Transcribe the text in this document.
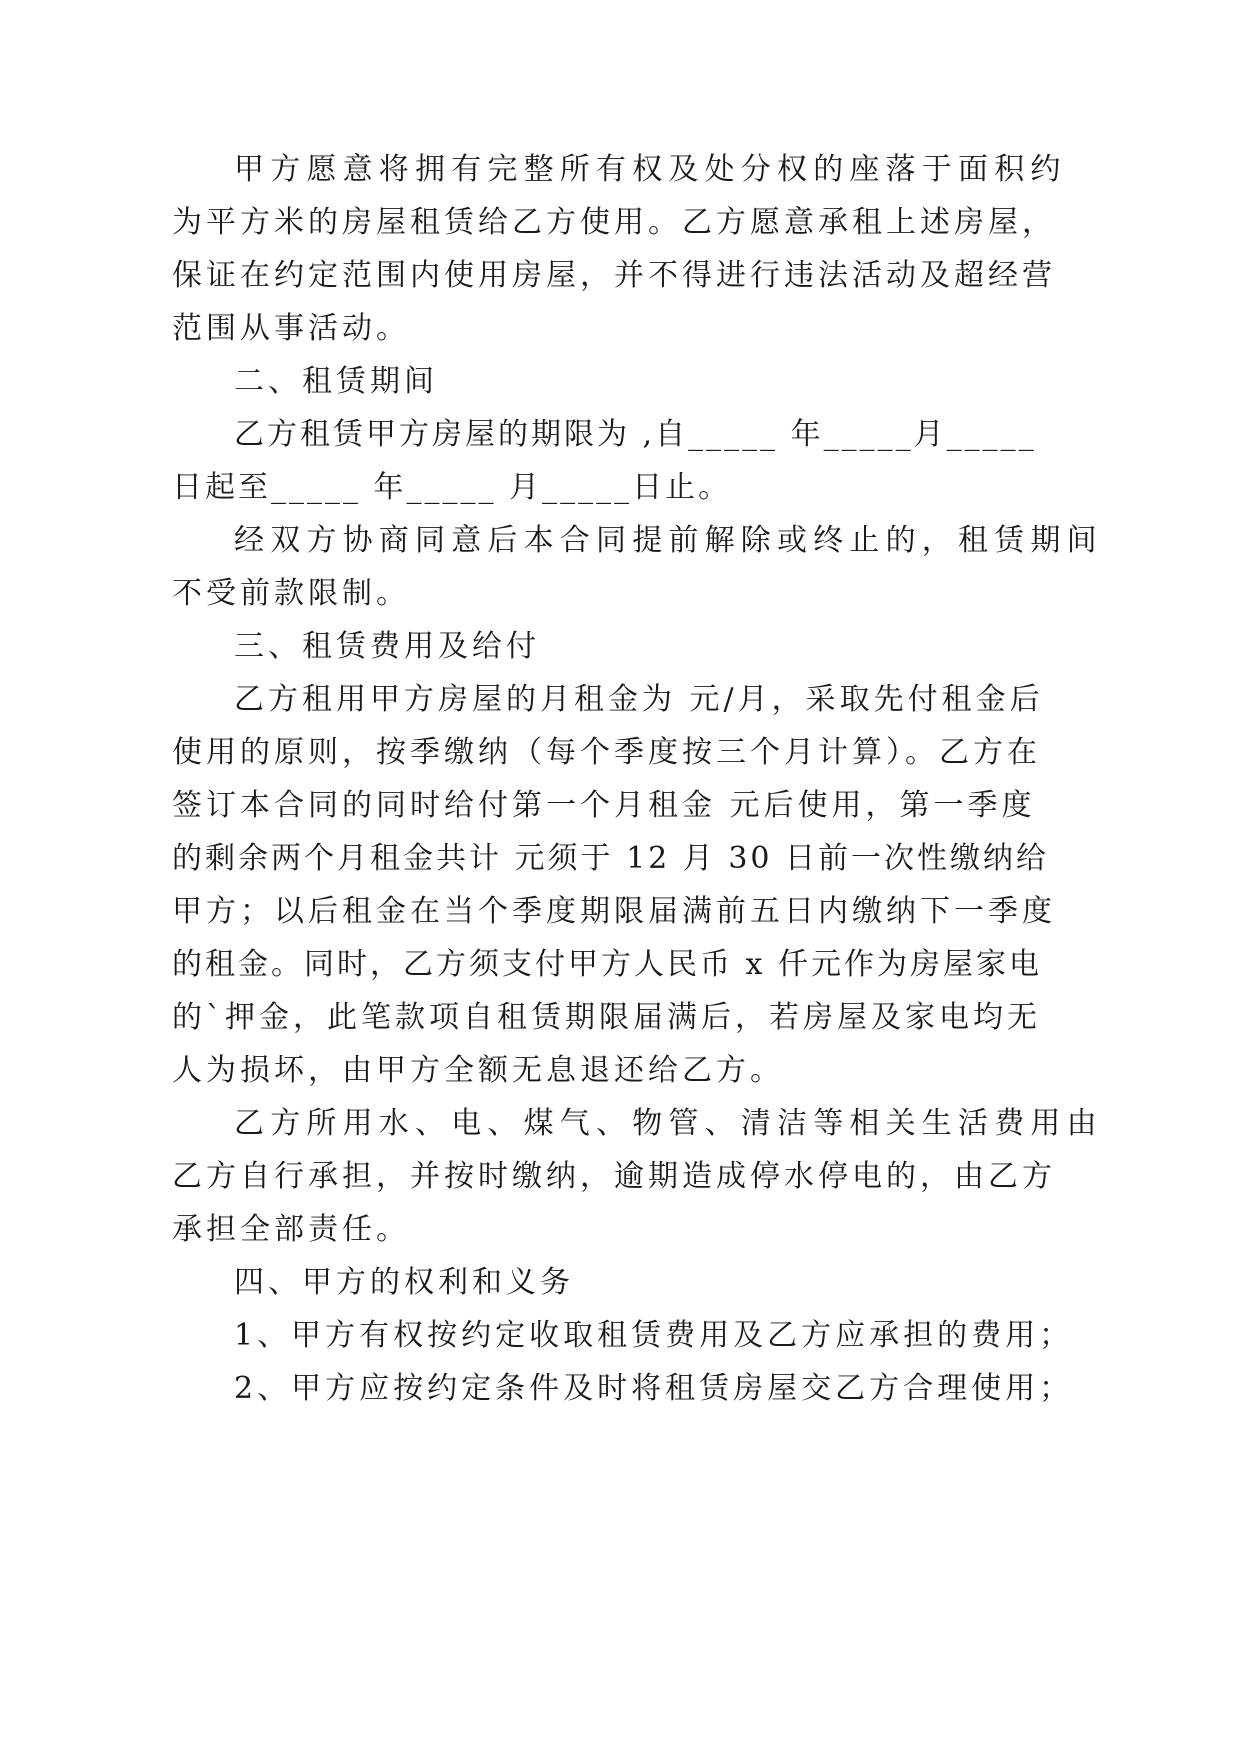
甲方愿意将拥有完整所有权及处分权的座落于面积约
为平方米的房屋租赁给乙方使用。乙方愿意承租上述房屋，
保证在约定范围内使用房屋，并不得进行违法活动及超经营
范围从事活动。
二、租赁期间
乙方租赁甲方房屋的期限为 ,自_____ 年_____月_____
日起至_____ 年_____ 月_____日止。
经双方协商同意后本合同提前解除或终止的，租赁期间
不受前款限制。
三、租赁费用及给付
乙方租用甲方房屋的月租金为 元/月，采取先付租金后
使用的原则，按季缴纳（每个季度按三个月计算）。乙方在
签订本合同的同时给付第一个月租金 元后使用，第一季度
的剩余两个月租金共计 元须于 12 月 30 日前一次性缴纳给
甲方；以后租金在当个季度期限届满前五日内缴纳下一季度
的租金。同时，乙方须支付甲方人民币 x 仟元作为房屋家电
的`押金，此笔款项自租赁期限届满后，若房屋及家电均无
人为损坏，由甲方全额无息退还给乙方。
乙方所用水、电、煤气、物管、清洁等相关生活费用由
乙方自行承担，并按时缴纳，逾期造成停水停电的，由乙方
承担全部责任。
四、甲方的权利和义务
1、甲方有权按约定收取租赁费用及乙方应承担的费用；
2、甲方应按约定条件及时将租赁房屋交乙方合理使用；
